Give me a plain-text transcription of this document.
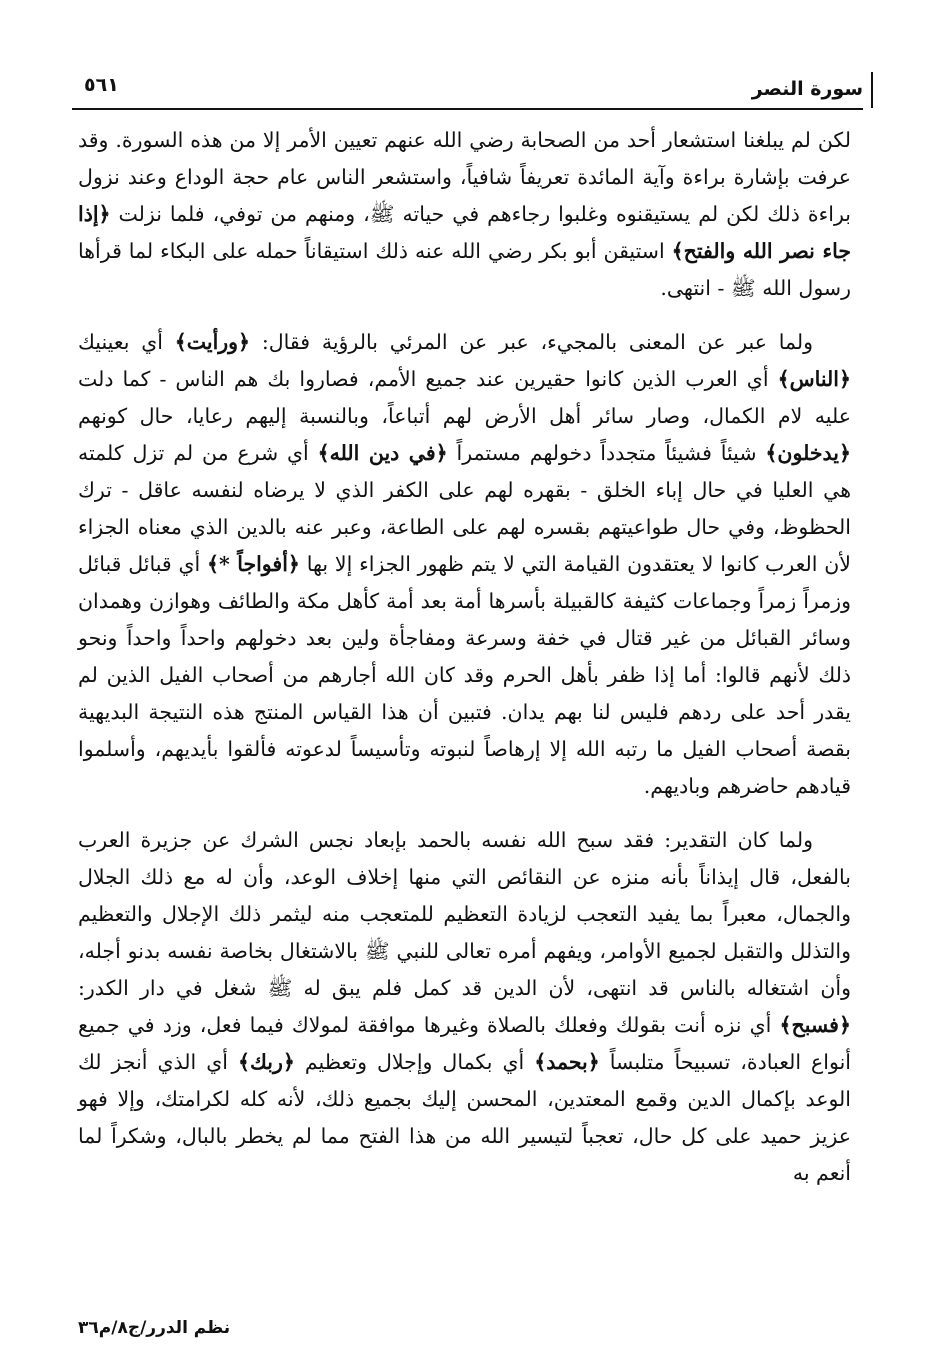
سورة النصر
٥٦١

لكن لم يبلغنا استشعار أحد من الصحابة رضي الله عنهم تعيين الأمر إلا من هذه السورة. وقد عرفت بإشارة براءة وآية المائدة تعريفاً شافياً، واستشعر الناس عام حجة الوداع وعند نزول براءة ذلك لكن لم يستيقنوه وغلبوا رجاءهم في حياته ﷺ، ومنهم من توفي، فلما نزلت ﴿إذا جاء نصر الله والفتح﴾ استيقن أبو بكر رضي الله عنه ذلك استيقاناً حمله على البكاء لما قرأها رسول الله ﷺ - انتهى.

ولما عبر عن المعنى بالمجيء، عبر عن المرئي بالرؤية فقال: ﴿ورأيت﴾ أي بعينيك ﴿الناس﴾ أي العرب الذين كانوا حقيرين عند جميع الأمم، فصاروا بك هم الناس - كما دلت عليه لام الكمال، وصار سائر أهل الأرض لهم أتباعاً، وبالنسبة إليهم رعايا، حال كونهم ﴿يدخلون﴾ شيئاً فشيئاً متجدداً دخولهم مستمراً ﴿في دين الله﴾ أي شرع من لم تزل كلمته هي العليا في حال إباء الخلق - بقهره لهم على الكفر الذي لا يرضاه لنفسه عاقل - ترك الحظوظ، وفي حال طواعيتهم بقسره لهم على الطاعة، وعبر عنه بالدين الذي معناه الجزاء لأن العرب كانوا لا يعتقدون القيامة التي لا يتم ظهور الجزاء إلا بها ﴿أفواجاً *﴾ أي قبائل قبائل وزمراً زمراً وجماعات كثيفة كالقبيلة بأسرها أمة بعد أمة كأهل مكة والطائف وهوازن وهمدان وسائر القبائل من غير قتال في خفة وسرعة ومفاجأة ولين بعد دخولهم واحداً واحداً ونحو ذلك لأنهم قالوا: أما إذا ظفر بأهل الحرم وقد كان الله أجارهم من أصحاب الفيل الذين لم يقدر أحد على ردهم فليس لنا بهم يدان. فتبين أن هذا القياس المنتج هذه النتيجة البديهية بقصة أصحاب الفيل ما رتبه الله إلا إرهاصاً لنبوته وتأسيساً لدعوته فألقوا بأيديهم، وأسلموا قيادهم حاضرهم وباديهم.

ولما كان التقدير: فقد سبح الله نفسه بالحمد بإبعاد نجس الشرك عن جزيرة العرب بالفعل، قال إيذاناً بأنه منزه عن النقائص التي منها إخلاف الوعد، وأن له مع ذلك الجلال والجمال، معبراً بما يفيد التعجب لزيادة التعظيم للمتعجب منه ليثمر ذلك الإجلال والتعظيم والتذلل والتقبل لجميع الأوامر، ويفهم أمره تعالى للنبي ﷺ بالاشتغال بخاصة نفسه بدنو أجله، وأن اشتغاله بالناس قد انتهى، لأن الدين قد كمل فلم يبق له ﷺ شغل في دار الكدر: ﴿فسبح﴾ أي نزه أنت بقولك وفعلك بالصلاة وغيرها موافقة لمولاك فيما فعل، وزد في جميع أنواع العبادة، تسبيحاً متلبساً ﴿بحمد﴾ أي بكمال وإجلال وتعظيم ﴿ربك﴾ أي الذي أنجز لك الوعد بإكمال الدين وقمع المعتدين، المحسن إليك بجميع ذلك، لأنه كله لكرامتك، وإلا فهو عزيز حميد على كل حال، تعجباً لتيسير الله من هذا الفتح مما لم يخطر بالبال، وشكراً لما أنعم به

نظم الدرر/ج٨/م٣٦
